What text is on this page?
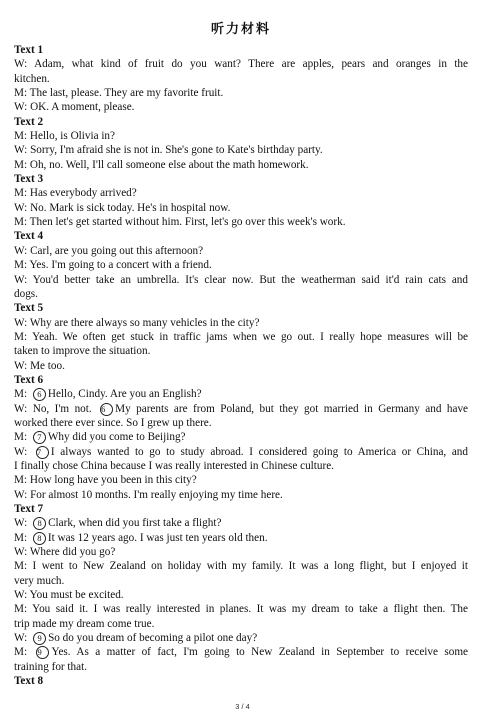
听力材料
Text 1
W: Adam, what kind of fruit do you want? There are apples, pears and oranges in the
kitchen.
M: The last, please. They are my favorite fruit.
W: OK. A moment, please.
Text 2
M: Hello, is Olivia in?
W: Sorry, I'm afraid she is not in. She's gone to Kate's birthday party.
M: Oh, no. Well, I'll call someone else about the math homework.
Text 3
M: Has everybody arrived?
W: No. Mark is sick today. He's in hospital now.
M: Then let's get started without him. First, let's go over this week's work.
Text 4
W: Carl, are you going out this afternoon?
M: Yes. I'm going to a concert with a friend.
W: You'd better take an umbrella. It's clear now. But the weatherman said it'd rain cats and
dogs.
Text 5
W: Why are there always so many vehicles in the city?
M: Yeah. We often get stuck in traffic jams when we go out. I really hope measures will be
taken to improve the situation.
W: Me too.
Text 6
M: 6 Hello, Cindy. Are you an English?
W: No, I'm not. 6 My parents are from Poland, but they got married in Germany and have
worked there ever since. So I grew up there.
M: 7 Why did you come to Beijing?
W: 7 I always wanted to go to study abroad. I considered going to America or China, and
I finally chose China because I was really interested in Chinese culture.
M: How long have you been in this city?
W: For almost 10 months. I'm really enjoying my time here.
Text 7
W: 8 Clark, when did you first take a flight?
M: 8 It was 12 years ago. I was just ten years old then.
W: Where did you go?
M: I went to New Zealand on holiday with my family. It was a long flight, but I enjoyed it
very much.
W: You must be excited.
M: You said it. I was really interested in planes. It was my dream to take a flight then. The
trip made my dream come true.
W: 9 So do you dream of becoming a pilot one day?
M: 9 Yes. As a matter of fact, I'm going to New Zealand in September to receive some
training for that.
Text 8
3 / 4
